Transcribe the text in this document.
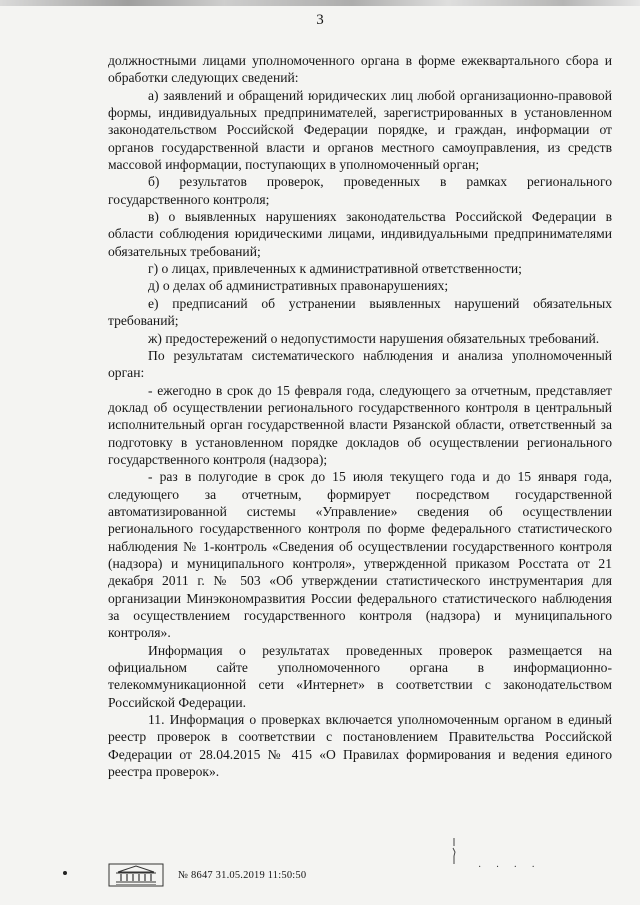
3

должностными лицами уполномоченного органа в форме ежеквартального сбора и обработки следующих сведений:

а) заявлений и обращений юридических лиц любой организационно-правовой формы, индивидуальных предпринимателей, зарегистрированных в установленном законодательством Российской Федерации порядке, и граждан, информации от органов государственной власти и органов местного самоуправления, из средств массовой информации, поступающих в уполномоченный орган;

б) результатов проверок, проведенных в рамках регионального государственного контроля;

в) о выявленных нарушениях законодательства Российской Федерации в области соблюдения юридическими лицами, индивидуальными предпринимателями обязательных требований;

г) о лицах, привлеченных к административной ответственности;

д) о делах об административных правонарушениях;

е) предписаний об устранении выявленных нарушений обязательных требований;

ж) предостережений о недопустимости нарушения обязательных требований.

По результатам систематического наблюдения и анализа уполномоченный орган:

- ежегодно в срок до 15 февраля года, следующего за отчетным, представляет доклад об осуществлении регионального государственного контроля в центральный исполнительный орган государственной власти Рязанской области, ответственный за подготовку в установленном порядке докладов об осуществлении регионального государственного контроля (надзора);

- раз в полугодие в срок до 15 июля текущего года и до 15 января года, следующего за отчетным, формирует посредством государственной автоматизированной системы «Управление» сведения об осуществлении регионального государственного контроля по форме федерального статистического наблюдения № 1-контроль «Сведения об осуществлении государственного контроля (надзора) и муниципального контроля», утвержденной приказом Росстата от 21 декабря 2011 г. № 503 «Об утверждении статистического инструментария для организации Минэкономразвития России федерального статистического наблюдения за осуществлением государственного контроля (надзора) и муниципального контроля».

Информация о результатах проведенных проверок размещается на официальном сайте уполномоченного органа в информационно-телекоммуникационной сети «Интернет» в соответствии с законодательством Российской Федерации.

11. Информация о проверках включается уполномоченным органом в единый реестр проверок в соответствии с постановлением Правительства Российской Федерации от 28.04.2015 № 415 «О Правилах формирования и ведения единого реестра проверок».

№ 8647 31.05.2019 11:50:50
· · · ·
